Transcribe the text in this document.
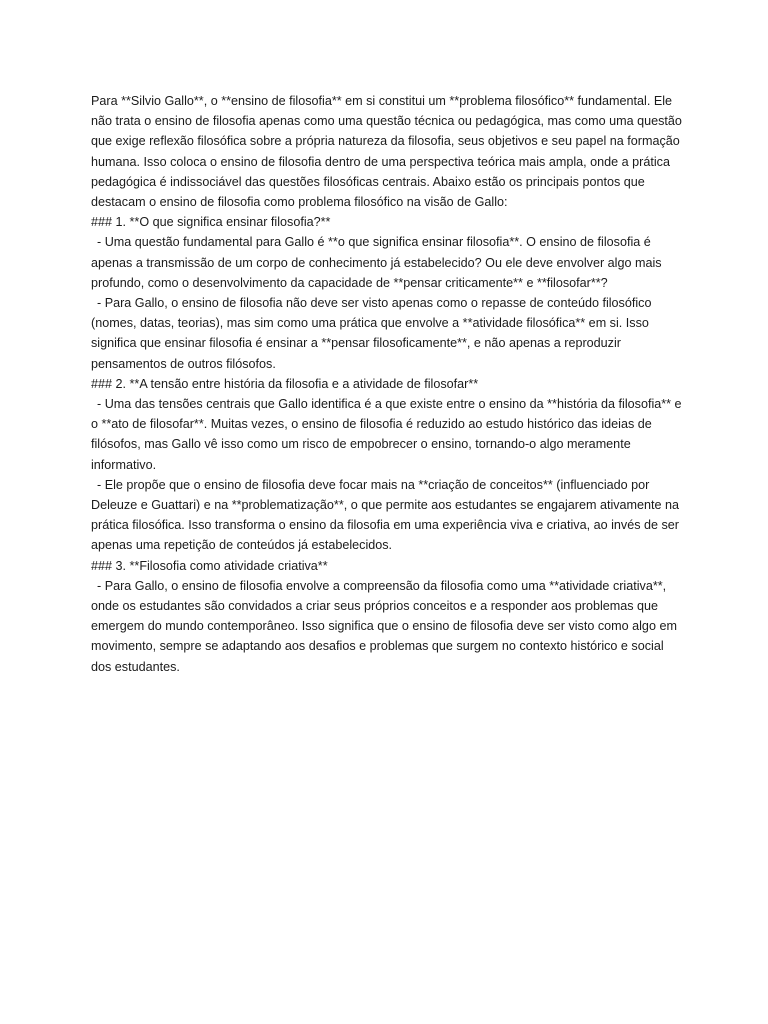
Para **Silvio Gallo**, o **ensino de filosofia** em si constitui um **problema filosófico** fundamental. Ele não trata o ensino de filosofia apenas como uma questão técnica ou pedagógica, mas como uma questão que exige reflexão filosófica sobre a própria natureza da filosofia, seus objetivos e seu papel na formação humana. Isso coloca o ensino de filosofia dentro de uma perspectiva teórica mais ampla, onde a prática pedagógica é indissociável das questões filosóficas centrais. Abaixo estão os principais pontos que destacam o ensino de filosofia como problema filosófico na visão de Gallo:

### 1. **O que significa ensinar filosofia?**

- Uma questão fundamental para Gallo é **o que significa ensinar filosofia**. O ensino de filosofia é apenas a transmissão de um corpo de conhecimento já estabelecido? Ou ele deve envolver algo mais profundo, como o desenvolvimento da capacidade de **pensar criticamente** e **filosofar**?

- Para Gallo, o ensino de filosofia não deve ser visto apenas como o repasse de conteúdo filosófico (nomes, datas, teorias), mas sim como uma prática que envolve a **atividade filosófica** em si. Isso significa que ensinar filosofia é ensinar a **pensar filosoficamente**, e não apenas a reproduzir pensamentos de outros filósofos.

### 2. **A tensão entre história da filosofia e a atividade de filosofar**

- Uma das tensões centrais que Gallo identifica é a que existe entre o ensino da **história da filosofia** e o **ato de filosofar**. Muitas vezes, o ensino de filosofia é reduzido ao estudo histórico das ideias de filósofos, mas Gallo vê isso como um risco de empobrecer o ensino, tornando-o algo meramente informativo.

- Ele propõe que o ensino de filosofia deve focar mais na **criação de conceitos** (influenciado por Deleuze e Guattari) e na **problematização**, o que permite aos estudantes se engajarem ativamente na prática filosófica. Isso transforma o ensino da filosofia em uma experiência viva e criativa, ao invés de ser apenas uma repetição de conteúdos já estabelecidos.

### 3. **Filosofia como atividade criativa**

- Para Gallo, o ensino de filosofia envolve a compreensão da filosofia como uma **atividade criativa**, onde os estudantes são convidados a criar seus próprios conceitos e a responder aos problemas que emergem do mundo contemporâneo. Isso significa que o ensino de filosofia deve ser visto como algo em movimento, sempre se adaptando aos desafios e problemas que surgem no contexto histórico e social dos estudantes.
